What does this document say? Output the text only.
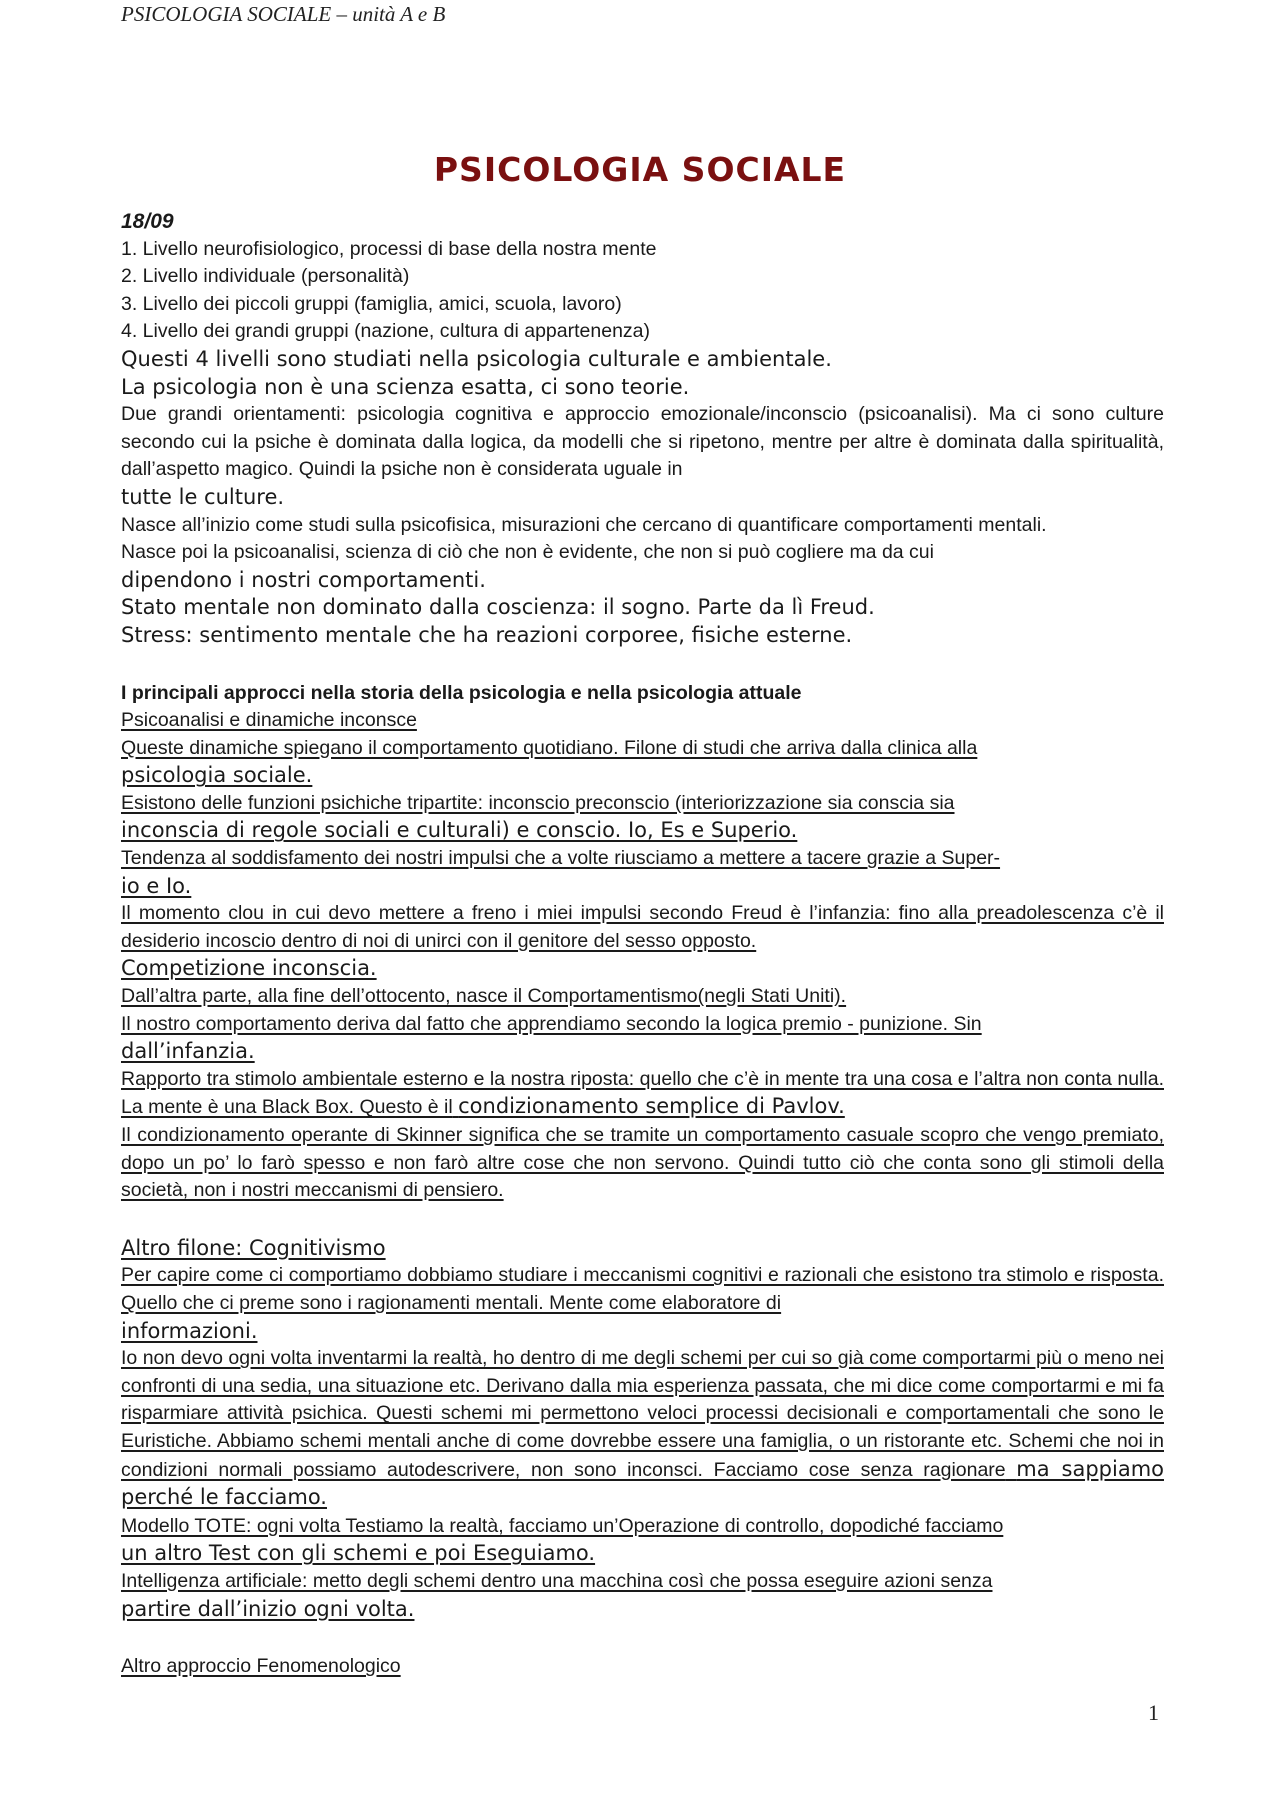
PSICOLOGIA SOCIALE – unità A e B
PSICOLOGIA SOCIALE

18/09

1. Livello neurofisiologico, processi di base della nostra mente

2. Livello individuale (personalità)

3. Livello dei piccoli gruppi (famiglia, amici, scuola, lavoro)

4. Livello dei grandi gruppi (nazione, cultura di appartenenza)

Questi 4 livelli sono studiati nella psicologia culturale e ambientale.

La psicologia non è una scienza esatta, ci sono teorie.

Due grandi orientamenti: psicologia cognitiva e approccio emozionale/inconscio (psicoanalisi). Ma ci sono culture secondo cui la psiche è dominata dalla logica, da modelli che si ripetono, mentre per altre è dominata dalla spiritualità, dall’aspetto magico. Quindi la psiche non è considerata uguale in

tutte le culture.

Nasce all’inizio come studi sulla psicofisica, misurazioni che cercano di quantificare comportamenti mentali.

Nasce poi la psicoanalisi, scienza di ciò che non è evidente, che non si può cogliere ma da cui

dipendono i nostri comportamenti.

Stato mentale non dominato dalla coscienza: il sogno. Parte da lì Freud.

Stress: sentimento mentale che ha reazioni corporee, fisiche esterne.

I principali approcci nella storia della psicologia e nella psicologia attuale

Psicoanalisi e dinamiche inconsce

Queste dinamiche spiegano il comportamento quotidiano. Filone di studi che arriva dalla clinica alla

psicologia sociale.

Esistono delle funzioni psichiche tripartite: inconscio preconscio (interiorizzazione sia conscia sia

inconscia di regole sociali e culturali) e conscio. Io, Es e Superio.

Tendenza al soddisfamento dei nostri impulsi che a volte riusciamo a mettere a tacere grazie a Super-

io e Io.

Il momento clou in cui devo mettere a freno i miei impulsi secondo Freud è l’infanzia: fino alla preadolescenza c’è il desiderio incoscio dentro di noi di unirci con il genitore del sesso opposto.

Competizione inconscia.

Dall’altra parte, alla fine dell’ottocento, nasce il Comportamentismo(negli Stati Uniti).

Il nostro comportamento deriva dal fatto che apprendiamo secondo la logica premio - punizione. Sin

dall’infanzia.

Rapporto tra stimolo ambientale esterno e la nostra riposta: quello che c’è in mente tra una cosa e l’altra non conta nulla. La mente è una Black Box. Questo è il condizionamento semplice di Pavlov.

Il condizionamento operante di Skinner significa che se tramite un comportamento casuale scopro che vengo premiato, dopo un po’ lo farò spesso e non farò altre cose che non servono. Quindi tutto ciò che conta sono gli stimoli della società, non i nostri meccanismi di pensiero.

Altro filone: Cognitivismo

Per capire come ci comportiamo dobbiamo studiare i meccanismi cognitivi e razionali che esistono tra stimolo e risposta. Quello che ci preme sono i ragionamenti mentali. Mente come elaboratore di

informazioni.

Io non devo ogni volta inventarmi la realtà, ho dentro di me degli schemi per cui so già come comportarmi più o meno nei confronti di una sedia, una situazione etc. Derivano dalla mia esperienza passata, che mi dice come comportarmi e mi fa risparmiare attività psichica. Questi schemi mi permettono veloci processi decisionali e comportamentali che sono le Euristiche. Abbiamo schemi mentali anche di come dovrebbe essere una famiglia, o un ristorante etc. Schemi che noi in condizioni normali possiamo autodescrivere, non sono inconsci. Facciamo cose senza ragionare ma sappiamo perché le facciamo.

Modello TOTE: ogni volta Testiamo la realtà, facciamo un’Operazione di controllo, dopodiché facciamo

un altro Test con gli schemi e poi Eseguiamo.

Intelligenza artificiale: metto degli schemi dentro una macchina così che possa eseguire azioni senza

partire dall’inizio ogni volta.

Altro approccio Fenomenologico

1
